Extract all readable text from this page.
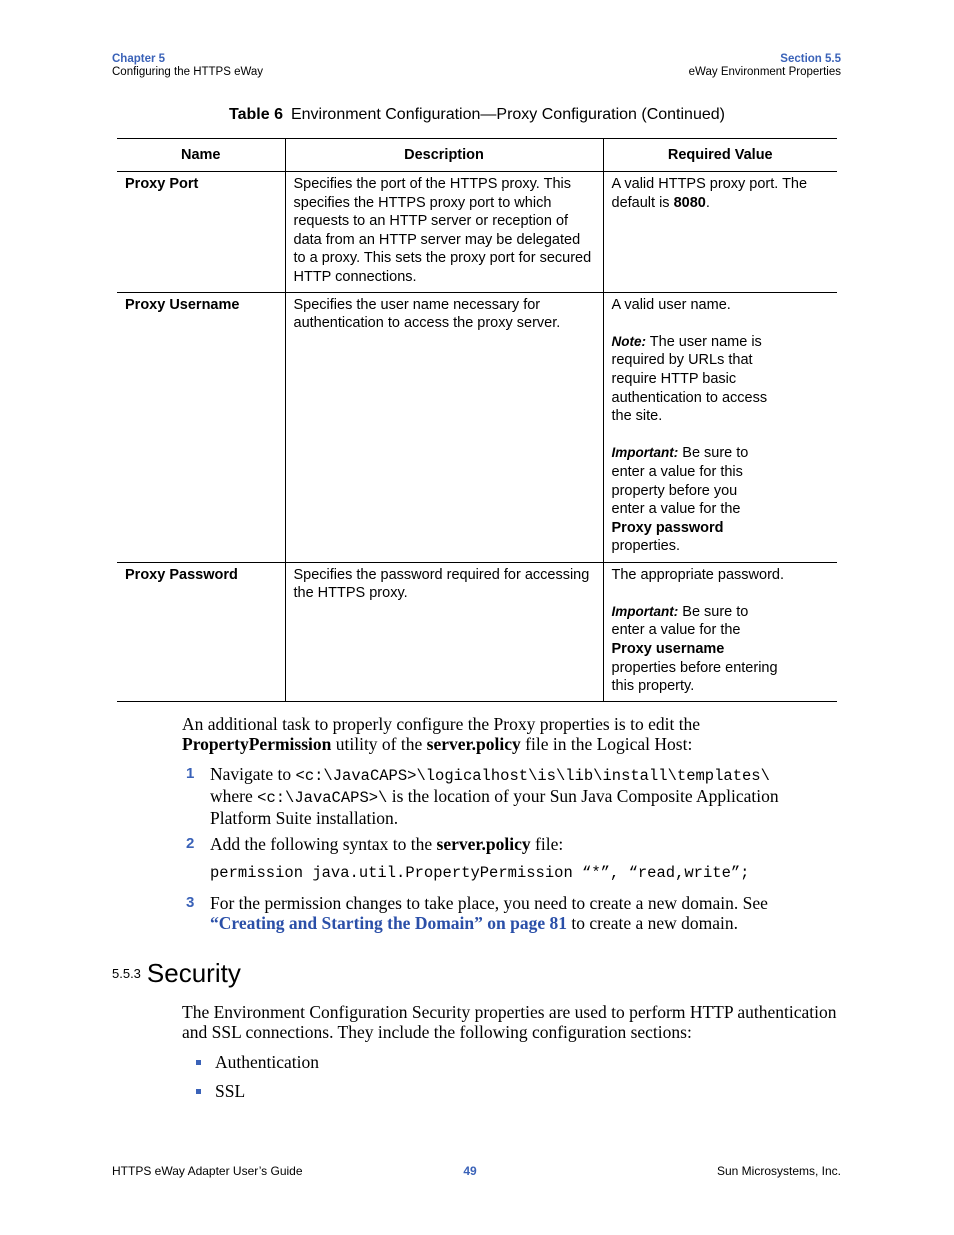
Chapter 5
Configuring the HTTPS eWay
Section 5.5
eWay Environment Properties
Table 6 Environment Configuration—Proxy Configuration (Continued)
Name	Description	Required Value
Proxy Port	Specifies the port of the HTTPS proxy. This specifies the HTTPS proxy port to which requests to an HTTP server or reception of data from an HTTP server may be delegated to a proxy. This sets the proxy port for secured HTTP connections.	A valid HTTPS proxy port. The default is 8080.
Proxy Username	Specifies the user name necessary for authentication to access the proxy server.	A valid user name.
Note: The user name is required by URLs that require HTTP basic authentication to access the site.
Important: Be sure to enter a value for this property before you enter a value for the Proxy password properties.

Proxy Password	Specifies the password required for accessing the HTTPS proxy.	The appropriate password.
Important: Be sure to enter a value for the Proxy username properties before entering this property.
An additional task to properly configure the Proxy properties is to edit the PropertyPermission utility of the server.policy file in the Logical Host:
1 Navigate to <c:\JavaCAPS>\logicalhost\is\lib\install\templates\
where <c:\JavaCAPS>\ is the location of your Sun Java Composite Application Platform Suite installation.
2 Add the following syntax to the server.policy file:
permission java.util.PropertyPermission “*”, “read,write”;
3 For the permission changes to take place, you need to create a new domain. See “Creating and Starting the Domain” on page 81 to create a new domain.
5.5.3 Security
The Environment Configuration Security properties are used to perform HTTP authentication and SSL connections. They include the following configuration sections:
Authentication
SSL
HTTPS eWay Adapter User’s Guide	49	Sun Microsystems, Inc.
